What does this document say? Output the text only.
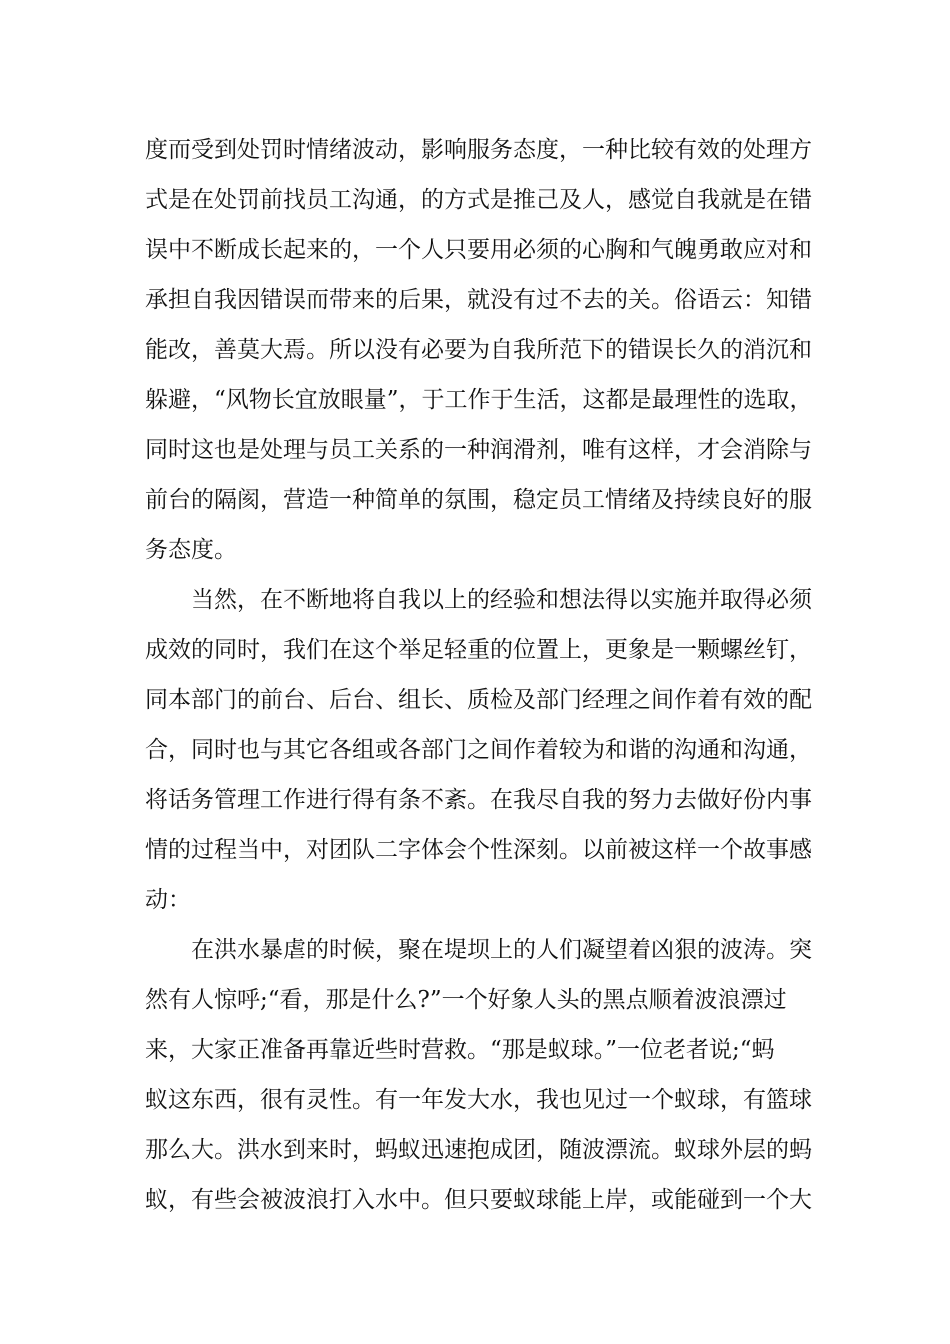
度而受到处罚时情绪波动，影响服务态度，一种比较有效的处理方
式是在处罚前找员工沟通，的方式是推己及人，感觉自我就是在错
误中不断成长起来的，一个人只要用必须的心胸和气魄勇敢应对和
承担自我因错误而带来的后果，就没有过不去的关。俗语云：知错
能改，善莫大焉。所以没有必要为自我所范下的错误长久的消沉和
躲避，“风物长宜放眼量”，于工作于生活，这都是最理性的选取，
同时这也是处理与员工关系的一种润滑剂，唯有这样，才会消除与
前台的隔阂，营造一种简单的氛围，稳定员工情绪及持续良好的服
务态度。
　　当然，在不断地将自我以上的经验和想法得以实施并取得必须
成效的同时，我们在这个举足轻重的位置上，更象是一颗螺丝钉，
同本部门的前台、后台、组长、质检及部门经理之间作着有效的配
合，同时也与其它各组或各部门之间作着较为和谐的沟通和沟通，
将话务管理工作进行得有条不紊。在我尽自我的努力去做好份内事
情的过程当中，对团队二字体会个性深刻。以前被这样一个故事感
动：
　　在洪水暴虐的时候，聚在堤坝上的人们凝望着凶狠的波涛。突
然有人惊呼;“看，那是什么?”一个好象人头的黑点顺着波浪漂过
来，大家正准备再靠近些时营救。“那是蚁球。”一位老者说;“蚂
蚁这东西，很有灵性。有一年发大水，我也见过一个蚁球，有篮球
那么大。洪水到来时，蚂蚁迅速抱成团，随波漂流。蚁球外层的蚂
蚁，有些会被波浪打入水中。但只要蚁球能上岸，或能碰到一个大
